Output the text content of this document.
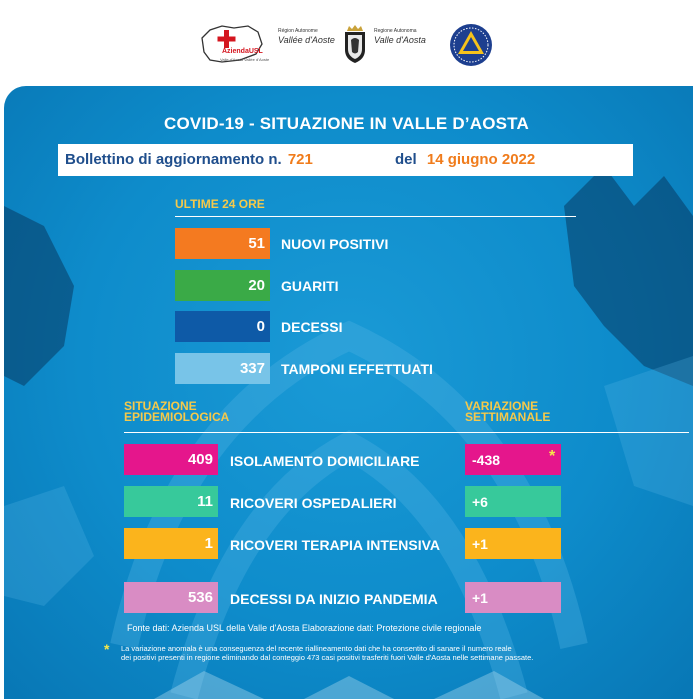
AziendaUSL
Valle d'Aosta Vallée d'Aoste
Région Autonome
Vallée d'Aoste
Regione Autonoma
Valle d'Aosta
COVID-19 - SITUAZIONE IN VALLE D’AOSTA
Bollettino di aggiornamento n. 721	del 14 giugno 2022
ULTIME 24 ORE
51 NUOVI POSITIVI
20 GUARITI
0 DECESSI
337 TAMPONI EFFETTUATI
SITUAZIONE
EPIDEMIOLOGICA
VARIAZIONE
SETTIMANALE
409 ISOLAMENTO DOMICILIARE	-438	*
11 RICOVERI OSPEDALIERI	+6
1 RICOVERI TERAPIA INTENSIVA +1
536 DECESSI DA INIZIO PANDEMIA +1
Fonte dati: Azienda USL della Valle d'Aosta Elaborazione dati: Protezione civile regionale
* La variazione anomala è una conseguenza del recente riallineamento dati che ha consentito di sanare il numero reale
dei positivi presenti in regione eliminando dal conteggio 473 casi positivi trasferiti fuori Valle d'Aosta nelle settimane passate.
